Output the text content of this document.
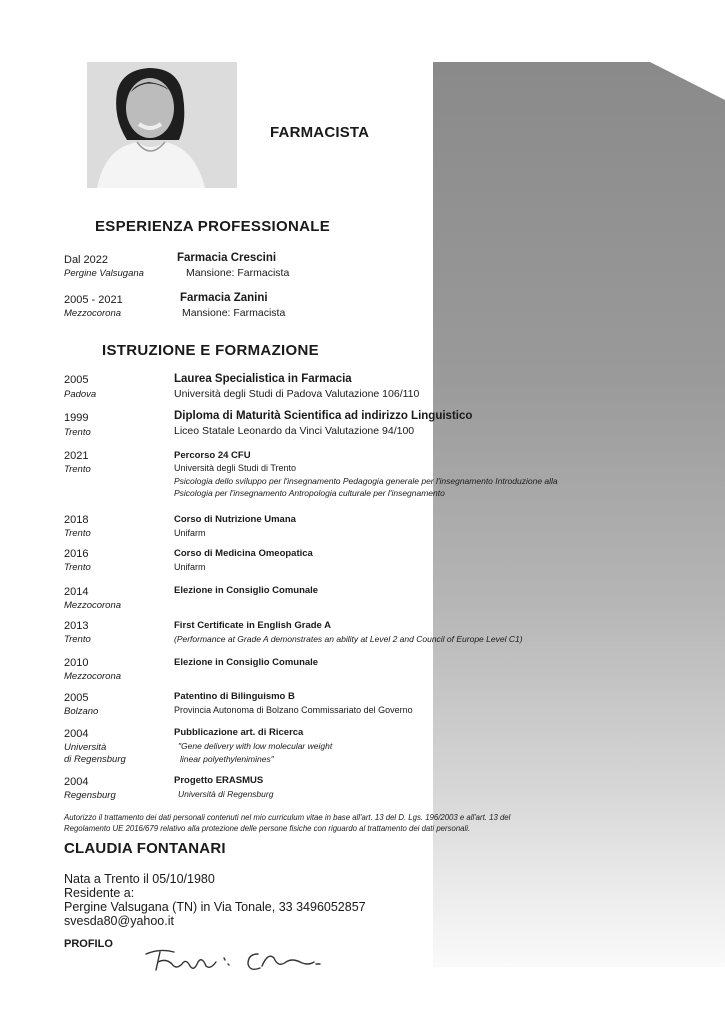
FARMACISTA
ESPERIENZA PROFESSIONALE
Dal 2022
Pergine Valsugana
Farmacia Crescini
Mansione: Farmacista
2005 - 2021
Mezzocorona
Farmacia Zanini
Mansione: Farmacista
ISTRUZIONE E FORMAZIONE
2005
Padova
Laurea Specialistica in Farmacia
Università degli Studi di Padova Valutazione 106/110
1999
Trento
Diploma di Maturità Scientifica ad indirizzo Linguistico
Liceo Statale Leonardo da Vinci Valutazione 94/100
2021
Trento
Percorso 24 CFU
Università degli Studi di Trento
Psicologia dello sviluppo per l'insegnamento Pedagogia generale per l'insegnamento Introduzione alla
Psicologia per l'insegnamento Antropologia culturale per l'insegnamento
2018
Trento
Corso di Nutrizione Umana
Unifarm
2016
Trento
Corso di Medicina Omeopatica
Unifarm
2014
Mezzocorona
Elezione in Consiglio Comunale
2013
Trento
First Certificate in English Grade A
(Performance at Grade A demonstrates an ability at Level 2 and Council of Europe Level C1)
2010
Mezzocorona
Elezione in Consiglio Comunale
2005
Bolzano
Patentino di Bilinguismo B
Provincia Autonoma di Bolzano Commissariato del Governo
2004
Università
di Regensburg
Pubblicazione art. di Ricerca
"Gene delivery with low molecular weight
linear polyethylenimines"
2004
Regensburg
Progetto ERASMUS
Università di Regensburg
Autorizzo il trattamento dei dati personali contenuti nel mio curriculum vitae in base all'art. 13 del D. Lgs. 196/2003 e all'art. 13 del
Regolamento UE 2016/679 relativo alla protezione delle persone fisiche con riguardo al trattamento dei dati personali.
CLAUDIA FONTANARI
Nata a Trento il 05/10/1980
Residente a:
Pergine Valsugana (TN) in Via Tonale, 33 3496052857
svesda80@yahoo.it
PROFILO
